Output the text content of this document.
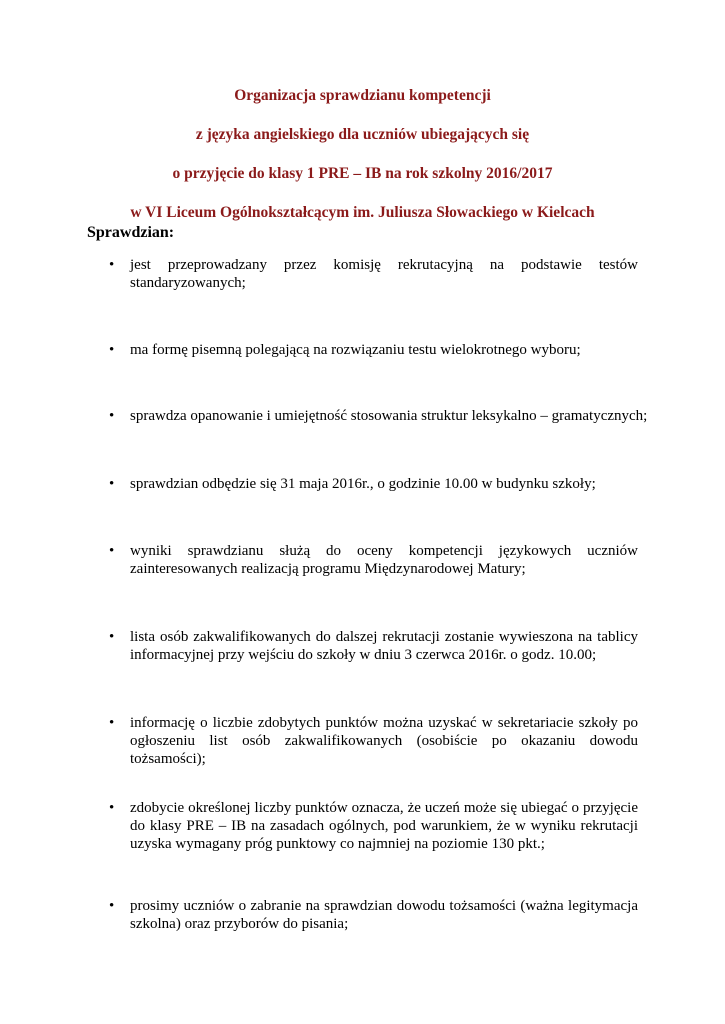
Organizacja sprawdzianu kompetencji

z języka angielskiego dla uczniów ubiegających się

o przyjęcie do klasy 1 PRE – IB na rok szkolny 2016/2017

w VI Liceum Ogólnokształcącym im. Juliusza Słowackiego w Kielcach

Sprawdzian:

• jest przeprowadzany przez komisję rekrutacyjną na podstawie testów standaryzowanych;
• ma formę pisemną polegającą na rozwiązaniu testu wielokrotnego wyboru;
• sprawdza opanowanie i umiejętność stosowania struktur leksykalno – gramatycznych;
• sprawdzian odbędzie się 31 maja 2016r., o godzinie 10.00 w budynku szkoły;
• wyniki sprawdzianu służą do oceny kompetencji językowych uczniów zainteresowanych realizacją programu Międzynarodowej Matury;
• lista osób zakwalifikowanych do dalszej rekrutacji zostanie wywieszona na tablicy informacyjnej przy wejściu do szkoły w dniu 3 czerwca 2016r. o godz. 10.00;
• informację o liczbie zdobytych punktów można uzyskać w sekretariacie szkoły po ogłoszeniu list osób zakwalifikowanych (osobiście po okazaniu dowodu tożsamości);
• zdobycie określonej liczby punktów oznacza, że uczeń może się ubiegać o przyjęcie do klasy PRE – IB na zasadach ogólnych, pod warunkiem, że w wyniku rekrutacji uzyska wymagany próg punktowy co najmniej na poziomie 130 pkt.;
• prosimy uczniów o zabranie na sprawdzian dowodu tożsamości (ważna legitymacja szkolna) oraz przyborów do pisania;
